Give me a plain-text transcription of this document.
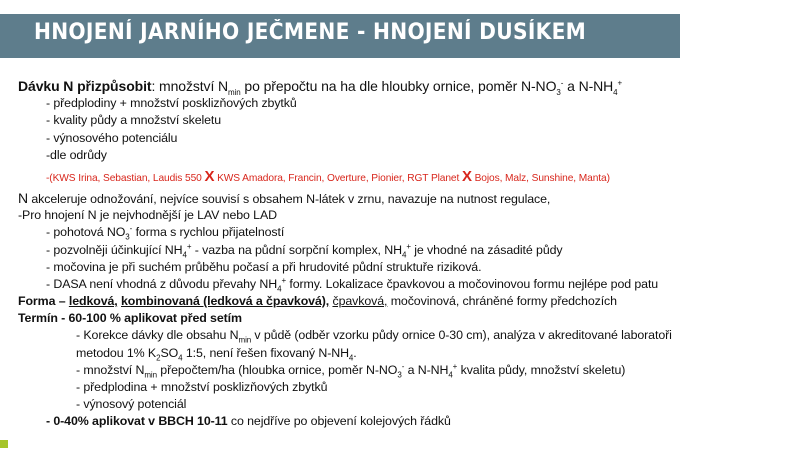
HNOJENÍ JARNÍHO JEČMENE - HNOJENÍ DUSÍKEM
Dávku N přizpůsobit: množství $N_{min}$ po přepočtu na ha dle hloubky ornice, poměr $N-NO_3^-$ a $N-NH_4^+$
- předplodiny + množství posklizňových zbytků
- kvality půdy a množství skeletu
- výnosového potenciálu
-dle odrůdy
-(KWS Irina, Sebastian, Laudis 550 X KWS Amadora, Francin, Overture, Pionier, RGT Planet X Bojos, Malz, Sunshine, Manta)
N akceleruje odnožování, nejvíce souvisí s obsahem N-látek v zrnu, navazuje na nutnost regulace,
-Pro hnojení N je nejvhodnější je LAV nebo LAD
- pohotová $NO_3^-$ forma s rychlou přijatelností
- pozvolněji účinkující $NH_4^+$ - vazba na půdní sorpční komplex, $NH_4^+$ je vhodné na zásadité půdy
- močovina je při suchém průběhu počasí a při hrudovité půdní struktuře riziková.
- DASA není vhodná z důvodu převahy $NH_4^+$ formy. Lokalizace čpavkovou a močovinovou formu nejlépe pod patu
Forma – ledková, kombinovaná (ledková a čpavková), čpavková, močovinová, chráněné formy předchozích
Termín - 60-100 % aplikovat před setím
- Korekce dávky dle obsahu $N_{min}$ v půdě (odběr vzorku půdy ornice 0-30 cm), analýza v akreditované laboratoři
metodou 1% $K_2SO_4$ 1:5, není řešen fixovaný $N-NH_4$.
- množství $N_{min}$ přepočtem/ha (hloubka ornice, poměr $N-NO_3^-$ a $N-NH_4^+$ kvalita půdy, množství skeletu)
- předplodina + množství posklizňových zbytků
- výnosový potenciál
- 0-40% aplikovat v BBCH 10-11 co nejdříve po objevení kolejových řádků
